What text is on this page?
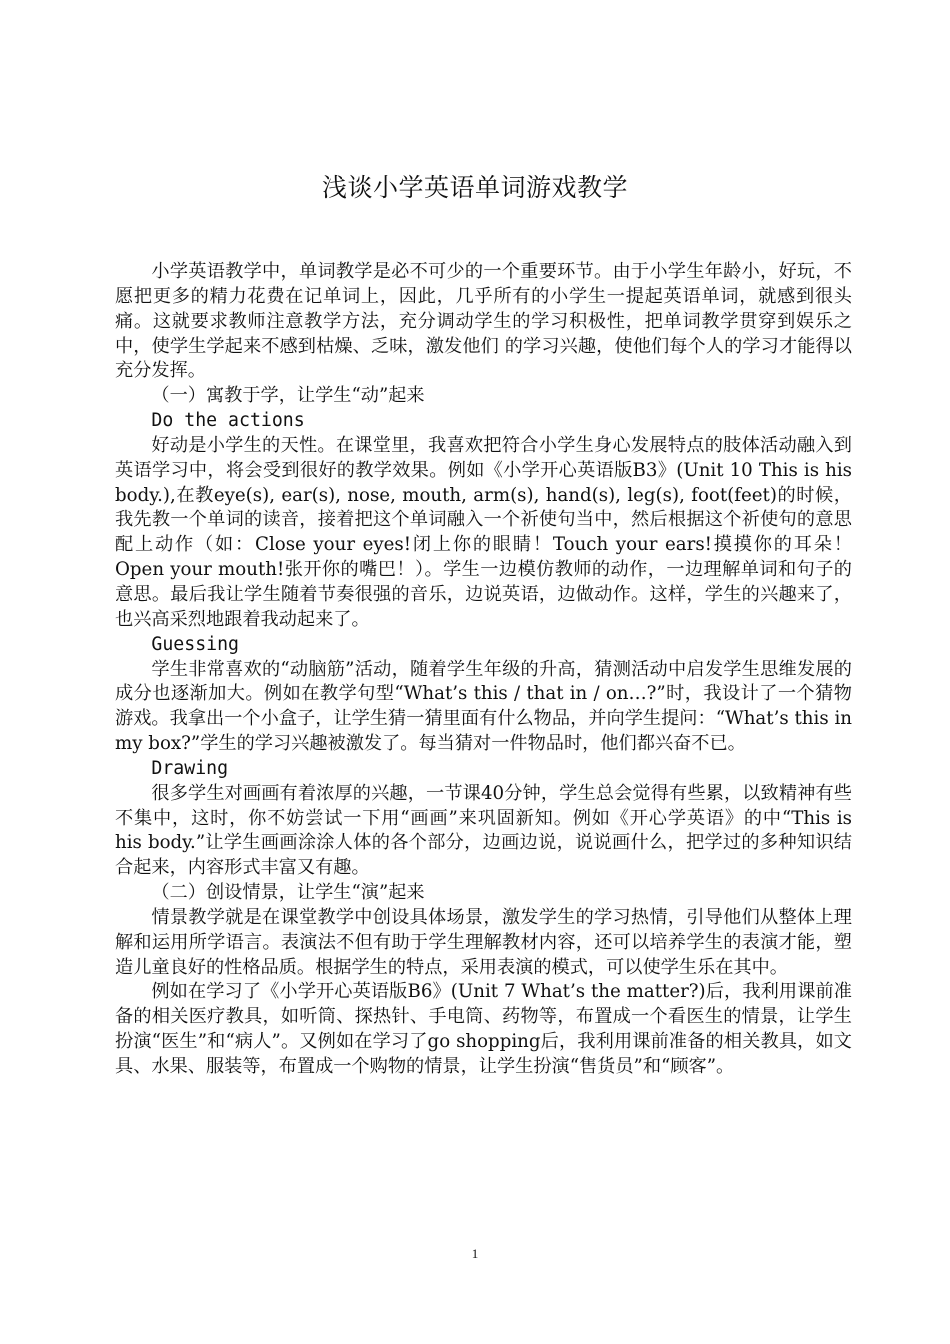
浅谈小学英语单词游戏教学

小学英语教学中，单词教学是必不可少的一个重要环节。由于小学生年龄小，好玩，不愿把更多的精力花费在记单词上，因此，几乎所有的小学生一提起英语单词，就感到很头痛。这就要求教师注意教学方法，充分调动学生的学习积极性，把单词教学贯穿到娱乐之中，使学生学起来不感到枯燥、乏味，激发他们 的学习兴趣，使他们每个人的学习才能得以充分发挥。

（一）寓教于学，让学生“动”起来

Do the actions

好动是小学生的天性。在课堂里，我喜欢把符合小学生身心发展特点的肢体活动融入到英语学习中，将会受到很好的教学效果。例如《小学开心英语版B3》(Unit 10 This is his body.),在教eye(s), ear(s), nose, mouth, arm(s), hand(s), leg(s), foot(feet)的时候，我先教一个单词的读音，接着把这个单词融入一个祈使句当中，然后根据这个祈使句的意思配上动作（如：Close your eyes!闭上你的眼睛！Touch your ears!摸摸你的耳朵！Open your mouth!张开你的嘴巴！）。学生一边模仿教师的动作，一边理解单词和句子的意思。最后我让学生随着节奏很强的音乐，边说英语，边做动作。这样，学生的兴趣来了，也兴高采烈地跟着我动起来了。

Guessing

学生非常喜欢的“动脑筋”活动，随着学生年级的升高，猜测活动中启发学生思维发展的成分也逐渐加大。例如在教学句型“What’s this / that in / on…?”时，我设计了一个猜物游戏。我拿出一个小盒子，让学生猜一猜里面有什么物品，并向学生提问：“What’s this in my box?”学生的学习兴趣被激发了。每当猜对一件物品时，他们都兴奋不已。

Drawing

很多学生对画画有着浓厚的兴趣，一节课40分钟，学生总会觉得有些累，以致精神有些不集中，这时，你不妨尝试一下用“画画”来巩固新知。例如《开心学英语》的中“This is his body.”让学生画画涂涂人体的各个部分，边画边说，说说画什么，把学过的多种知识结合起来，内容形式丰富又有趣。

（二）创设情景，让学生“演”起来

情景教学就是在课堂教学中创设具体场景，激发学生的学习热情，引导他们从整体上理解和运用所学语言。表演法不但有助于学生理解教材内容，还可以培养学生的表演才能，塑造儿童良好的性格品质。根据学生的特点，采用表演的模式，可以使学生乐在其中。

例如在学习了《小学开心英语版B6》(Unit 7 What’s the matter?)后，我利用课前准备的相关医疗教具，如听筒、探热针、手电筒、药物等，布置成一个看医生的情景，让学生扮演“医生”和“病人”。又例如在学习了go shopping后，我利用课前准备的相关教具，如文具、水果、服装等，布置成一个购物的情景，让学生扮演“售货员”和“顾客”。

1
